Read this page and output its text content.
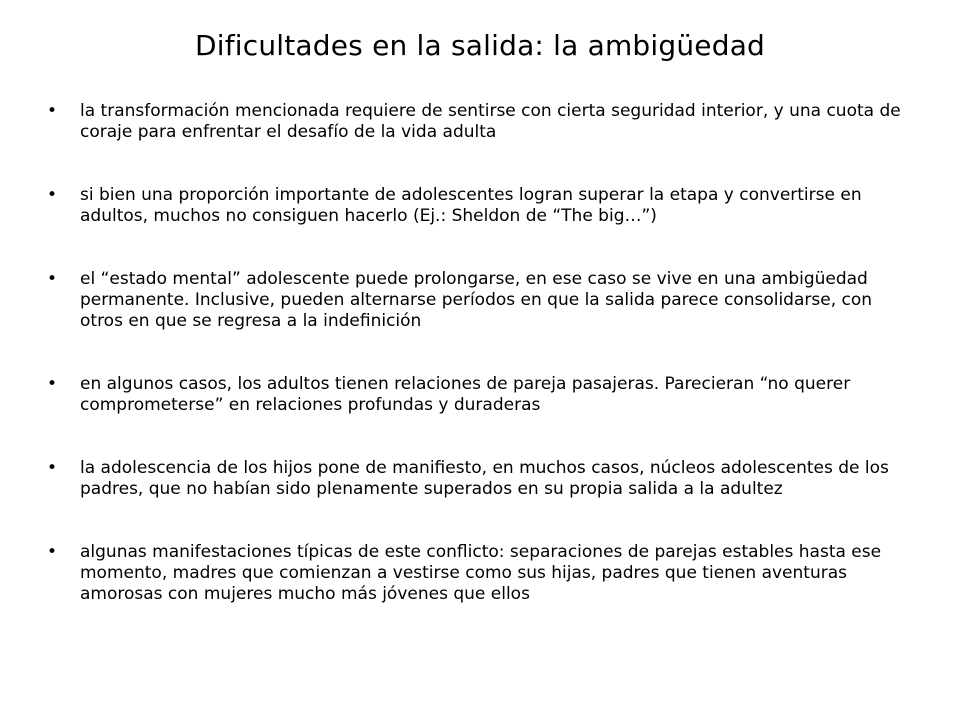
Dificultades en la salida: la ambigüedad
• la transformación mencionada requiere de sentirse con cierta seguridad interior, y una cuota de coraje para enfrentar el desafío de la vida adulta
• si bien una proporción importante de adolescentes logran superar la etapa y convertirse en adultos, muchos no consiguen hacerlo (Ej.: Sheldon de “The big…”)
• el “estado mental” adolescente puede prolongarse, en ese caso se vive en una ambigüedad permanente. Inclusive, pueden alternarse períodos en que la salida parece consolidarse, con otros en que se regresa a la indefinición
• en algunos casos, los adultos tienen relaciones de pareja pasajeras. Parecieran “no querer comprometerse” en relaciones profundas y duraderas
• la adolescencia de los hijos pone de manifiesto, en muchos casos, núcleos adolescentes de los padres, que no habían sido plenamente superados en su propia salida a la adultez
• algunas manifestaciones típicas de este conflicto: separaciones de parejas estables hasta ese momento, madres que comienzan a vestirse como sus hijas, padres que tienen aventuras amorosas con mujeres mucho más jóvenes que ellos
